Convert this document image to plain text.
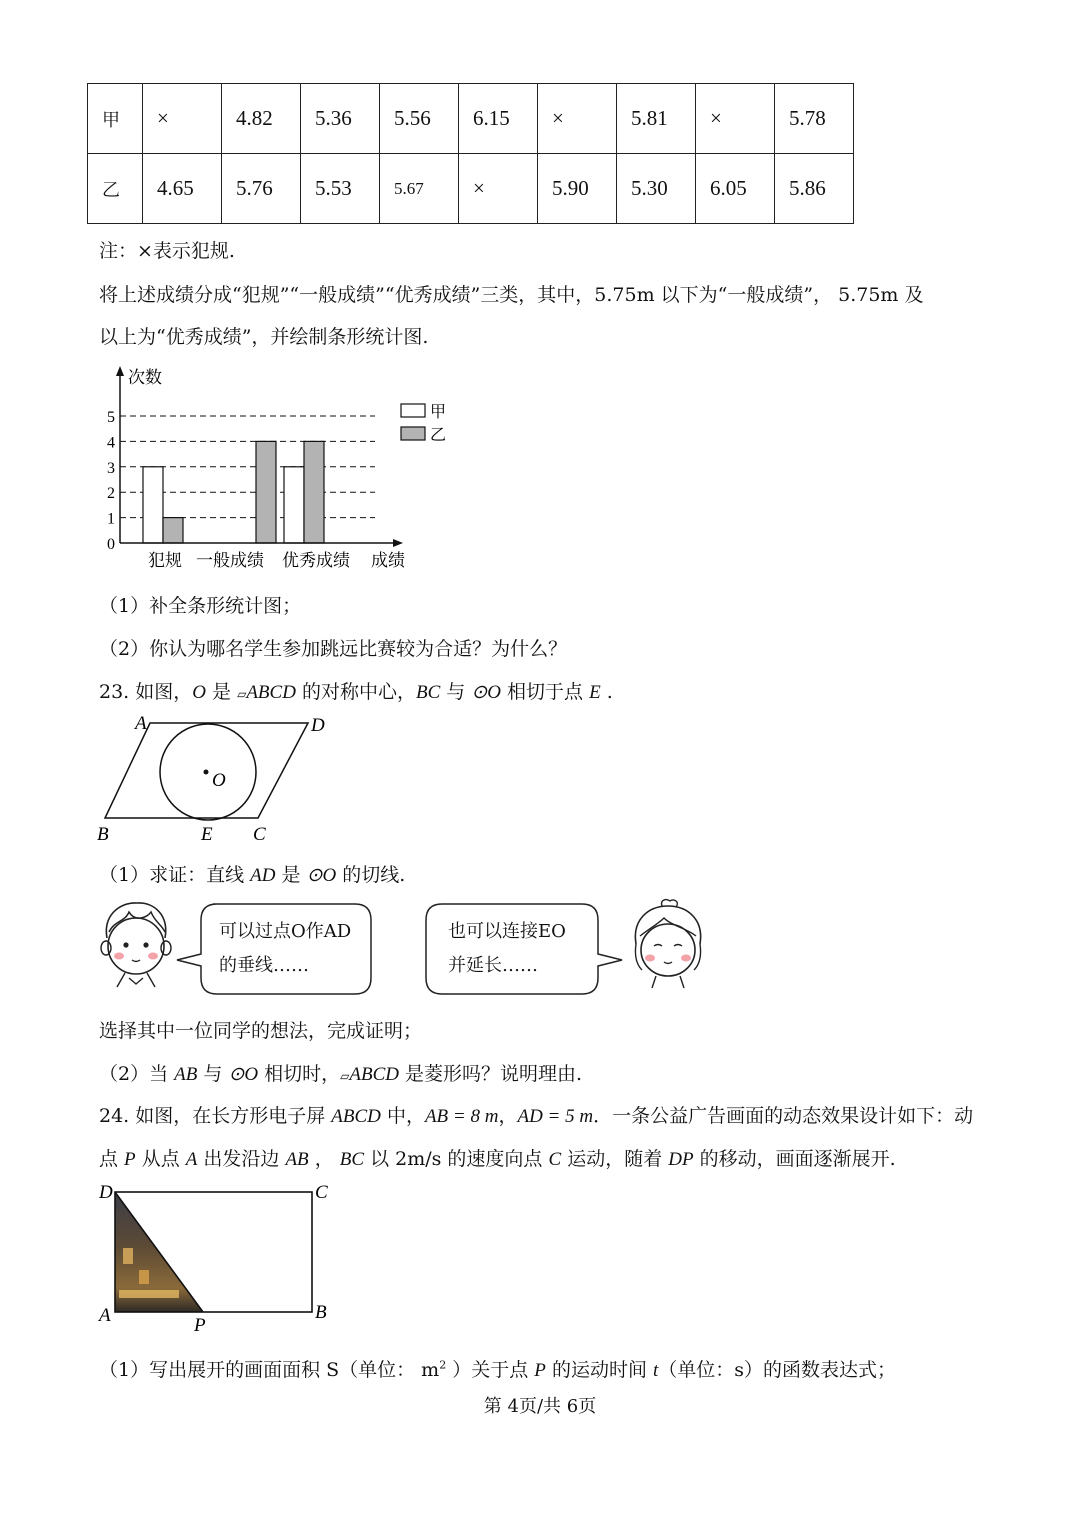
甲	×	4.82	5.36	5.56	6.15	×	5.81	×	5.78
乙	4.65	5.76	5.53	5.67	×	5.90	5.30	6.05	5.86
注：×表示犯规.
将上述成绩分成“犯规”“一般成绩”“优秀成绩”三类，其中，5.75m 以下为“一般成绩”， 5.75m 及
以上为“优秀成绩”，并绘制条形统计图.
次数
成绩
0
1
2
3
4
5
犯规 一般成绩 优秀成绩
甲
乙
（1）补全条形统计图；
（2）你认为哪名学生参加跳远比赛较为合适？为什么？
23. 如图，O 是 ▱ABCD 的对称中心，BC 与 ⊙O 相切于点 E .
A	D
B	E C
O
（1）求证：直线 AD 是 ⊙O 的切线.
可以过点O作AD
的垂线……
也可以连接EO
并延长……
选择其中一位同学的想法，完成证明；
（2）当 AB 与 ⊙O 相切时，▱ABCD 是菱形吗？说明理由.
24. 如图，在长方形电子屏 ABCD 中，AB = 8 m，AD = 5 m．一条公益广告画面的动态效果设计如下：动
点 P 从点 A 出发沿边 AB ， BC 以 2m/s 的速度向点 C 运动，随着 DP 的移动，画面逐渐展开.
D	C
A	B
P
（1）写出展开的画面面积 S（单位： $m^2$ ）关于点 P 的运动时间 t（单位：s）的函数表达式；
第 4页/共 6页
